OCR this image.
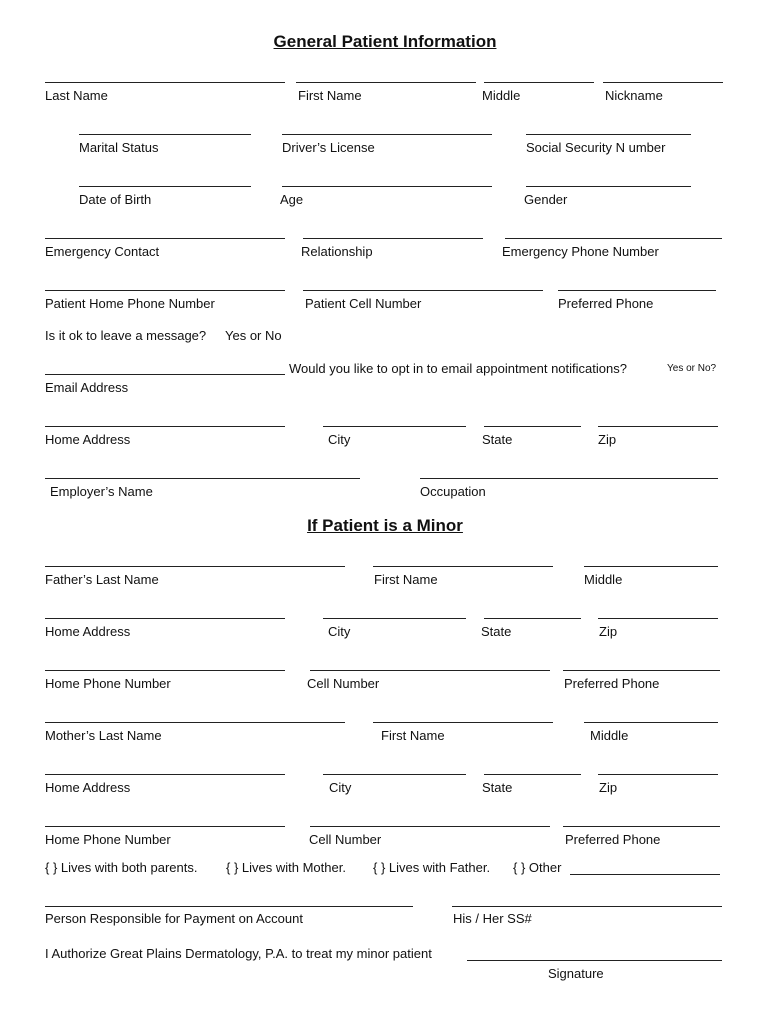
General Patient Information
Last Name	First Name	Middle	Nickname
Marital Status	Driver’s License	Social Security N umber
Date of Birth	Age	Gender
Emergency Contact	Relationship	Emergency Phone Number
Patient Home Phone Number	Patient Cell Number	Preferred Phone
Is it ok to leave a message? Yes or No
Would you like to opt in to email appointment notifications?	Yes or No?
Email Address
Home Address	City	State	Zip
Employer’s Name	Occupation
If Patient is a Minor
Father’s Last Name	First Name	Middle
Home Address	City	State	Zip
Home Phone Number	Cell Number	Preferred Phone
Mother’s Last Name	First Name	Middle
Home Address	City	State	Zip
Home Phone Number	Cell Number	Preferred Phone
{ } Lives with both parents. { } Lives with Mother. { } Lives with Father. { } Other
Person Responsible for Payment on Account	His / Her SS#
I Authorize Great Plains Dermatology, P.A. to treat my minor patient
Signature
